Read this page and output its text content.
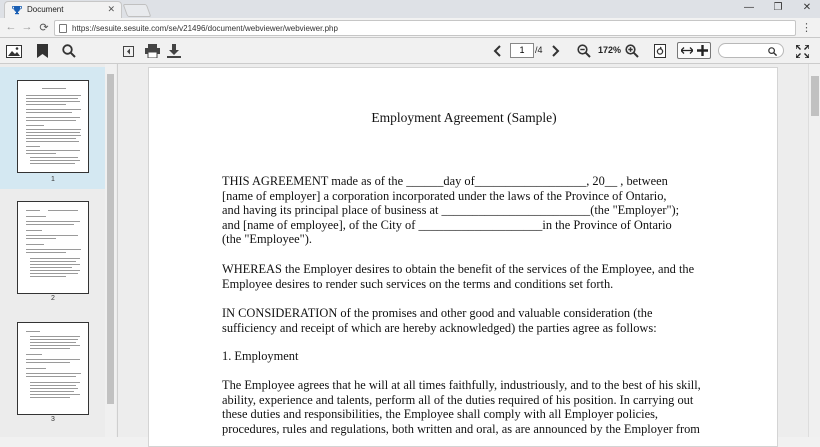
Document	✕	— ❐ ✕
← → ⟳	https://sesuite.sesuite.com/se/v21496/document/webviewer/webviewer.php	⋮
1	/4	172%
1
2
3
Employment Agreement (Sample)
THIS AGREEMENT made as of the ______day of__________________, 20__ , between
[name of employer] a corporation incorporated under the laws of the Province of Ontario,
and having its principal place of business at ________________________(the "Employer");
and [name of employee], of the City of ____________________in the Province of Ontario
(the "Employee").
WHEREAS the Employer desires to obtain the benefit of the services of the Employee, and the
Employee desires to render such services on the terms and conditions set forth.
IN CONSIDERATION of the promises and other good and valuable consideration (the
sufficiency and receipt of which are hereby acknowledged) the parties agree as follows:
1. Employment
The Employee agrees that he will at all times faithfully, industriously, and to the best of his skill,
ability, experience and talents, perform all of the duties required of his position. In carrying out
these duties and responsibilities, the Employee shall comply with all Employer policies,
procedures, rules and regulations, both written and oral, as are announced by the Employer from
